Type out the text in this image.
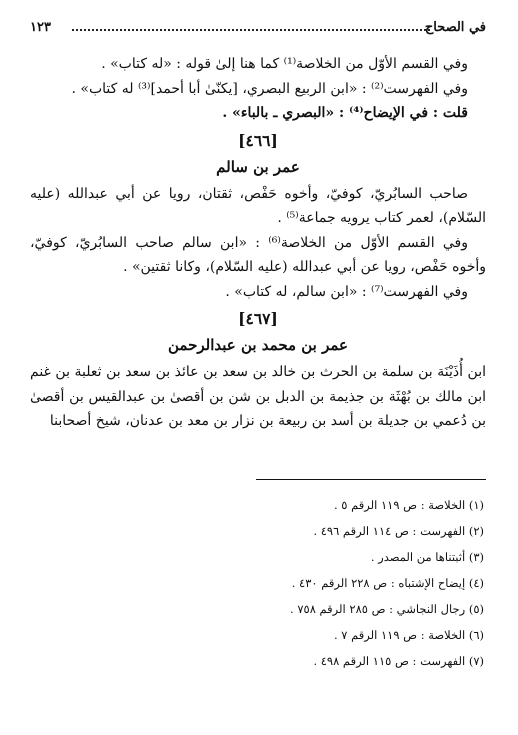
في الصحاح
١٢٣

وفي القسم الأوّل من الخلاصة⁽¹⁾ كما هنا إلىٰ قوله : «له كتاب» .

وفي الفهرست⁽²⁾ : «ابن الربيع البصري، [يكنّىٰ أبا أحمد]⁽³⁾ له كتاب» .

قلت : في الإيضاح⁽⁴⁾ : «البصري ـ بالباء» .

[٤٦٦]
عمر بن سالم

صاحب السابُريّ، كوفيّ، وأخوه حَفْص، ثقتان، رويا عن أبي عبدالله (عليه السّلام)، لعمر كتاب يرويه جماعة⁽⁵⁾ .

وفي القسم الأوّل من الخلاصة⁽⁶⁾ : «ابن سالم صاحب السابُريّ، كوفيّ، وأخوه حَفْص، رويا عن أبي عبدالله (عليه السّلام)، وكانا ثقتين» .

وفي الفهرست⁽⁷⁾ : «ابن سالم، له كتاب» .

[٤٦٧]
عمر بن محمد بن عبدالرحمن

ابن أُذَيْنَة بن سلمة بن الحرث بن خالد بن سعد بن عائذ بن سعد بن ثعلبة بن غنم ابن مالك بن بُهْثَة بن جذيمة بن الدبل بن شن بن أقصىٰ بن عبدالقيس بن أقصىٰ بن دُعمي بن جديلة بن أسد بن ربيعة بن نزار بن معد بن عدنان، شيخ أصحابنا

(١) الخلاصة : ص ١١٩ الرقم ٥ .

(٢) الفهرست : ص ١١٤ الرقم ٤٩٦ .

(٣) أثبتناها من المصدر .

(٤) إيضاح الإشتباه : ص ٢٢٨ الرقم ٤٣٠ .

(٥) رجال النجاشي : ص ٢٨٥ الرقم ٧٥٨ .

(٦) الخلاصة : ص ١١٩ الرقم ٧ .

(٧) الفهرست : ص ١١٥ الرقم ٤٩٨ .
